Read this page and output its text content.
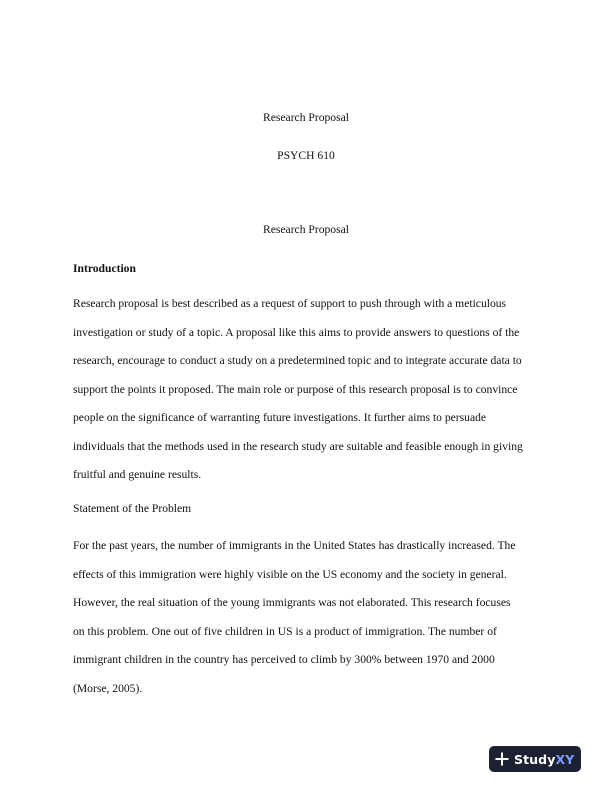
Research Proposal
PSYCH 610
Research Proposal
Introduction
Research proposal is best described as a request of support to push through with a meticulous
investigation or study of a topic. A proposal like this aims to provide answers to questions of the
research, encourage to conduct a study on a predetermined topic and to integrate accurate data to
support the points it proposed. The main role or purpose of this research proposal is to convince
people on the significance of warranting future investigations. It further aims to persuade
individuals that the methods used in the research study are suitable and feasible enough in giving
fruitful and genuine results.
Statement of the Problem
For the past years, the number of immigrants in the United States has drastically increased. The
effects of this immigration were highly visible on the US economy and the society in general.
However, the real situation of the young immigrants was not elaborated. This research focuses
on this problem. One out of five children in US is a product of immigration. The number of
immigrant children in the country has perceived to climb by 300% between 1970 and 2000
(Morse, 2005).
StudyXY
